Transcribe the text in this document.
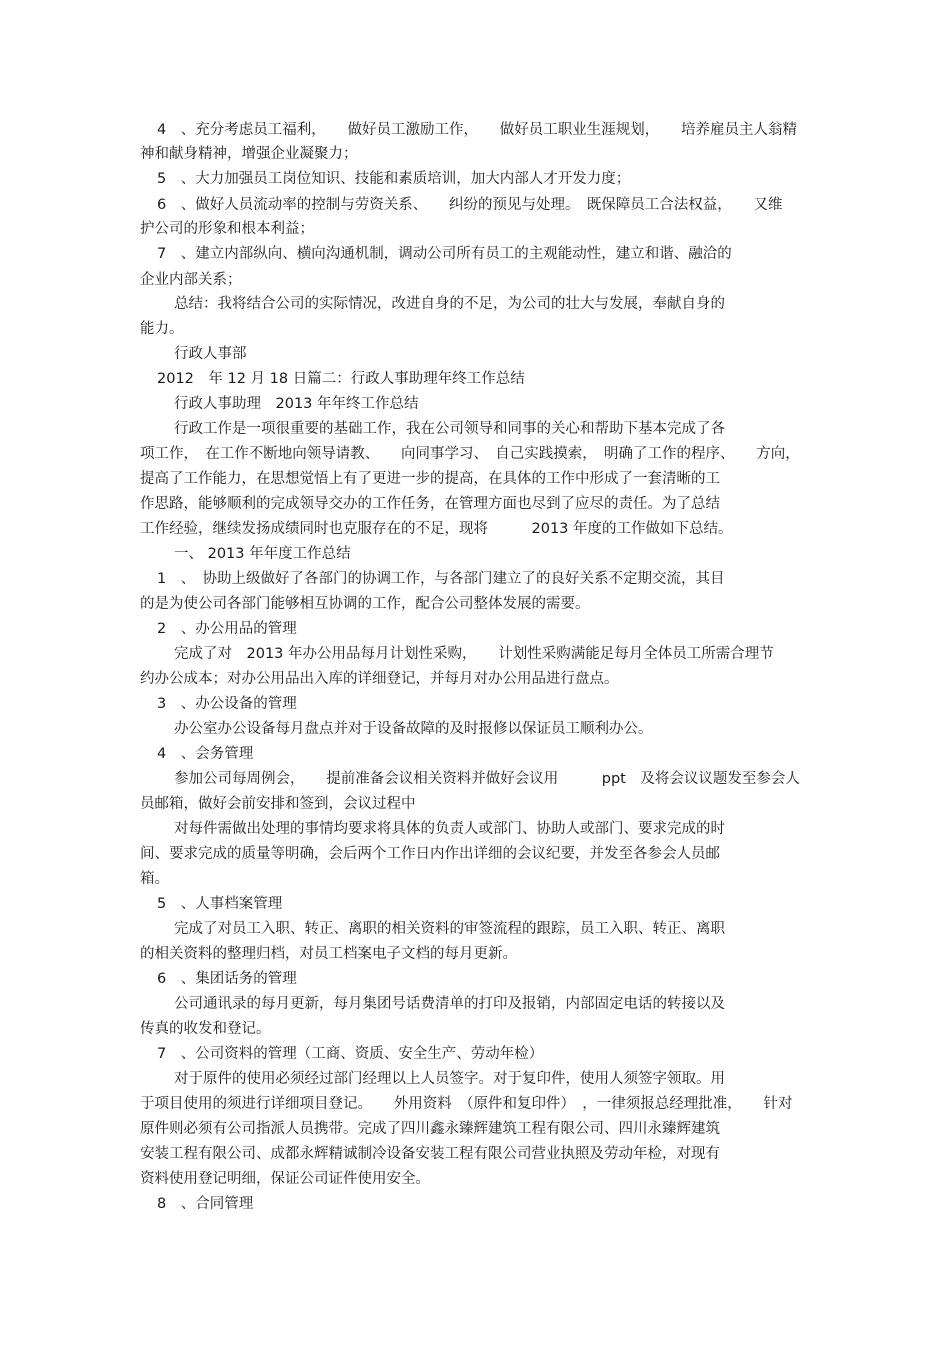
4　、充分考虑员工福利，　　做好员工激励工作，　　做好员工职业生涯规划，　　培养雇员主人翁精
神和献身精神，增强企业凝聚力；
5　、大力加强员工岗位知识、技能和素质培训，加大内部人才开发力度；
6　、做好人员流动率的控制与劳资关系、　　纠纷的预见与处理。　既保障员工合法权益，　　又维
护公司的形象和根本利益；
7　、建立内部纵向、横向沟通机制，调动公司所有员工的主观能动性，建立和谐、融洽的
企业内部关系；
总结：我将结合公司的实际情况，改进自身的不足，为公司的壮大与发展，奉献自身的
能力。
行政人事部
2012　年 12 月 18 日篇二：行政人事助理年终工作总结
行政人事助理　2013 年年终工作总结
行政工作是一项很重要的基础工作，我在公司领导和同事的关心和帮助下基本完成了各
项工作，　在工作不断地向领导请教、　　向同事学习、　自己实践摸索，　明确了工作的程序、　　方向，
提高了工作能力，在思想觉悟上有了更进一步的提高，在具体的工作中形成了一套清晰的工
作思路，能够顺利的完成领导交办的工作任务，在管理方面也尽到了应尽的责任。为了总结
工作经验，继续发扬成绩同时也克服存在的不足，现将　　　2013 年度的工作做如下总结。
一、 2013 年年度工作总结
1　、　协助上级做好了各部门的协调工作，与各部门建立了的良好关系不定期交流，其目
的是为使公司各部门能够相互协调的工作，配合公司整体发展的需要。
2　、办公用品的管理
完成了对　2013 年办公用品每月计划性采购，　　计划性采购满能足每月全体员工所需合理节
约办公成本；对办公用品出入库的详细登记，并每月对办公用品进行盘点。
3　、办公设备的管理
办公室办公设备每月盘点并对于设备故障的及时报修以保证员工顺利办公。
4　、会务管理
参加公司每周例会，　　提前准备会议相关资料并做好会议用　　　ppt　及将会议议题发至参会人
员邮箱，做好会前安排和签到，会议过程中
对每件需做出处理的事情均要求将具体的负责人或部门、协助人或部门、要求完成的时
间、要求完成的质量等明确，会后两个工作日内作出详细的会议纪要，并发至各参会人员邮
箱。
5　、人事档案管理
完成了对员工入职、转正、离职的相关资料的审签流程的跟踪，员工入职、转正、离职
的相关资料的整理归档，对员工档案电子文档的每月更新。
6　、集团话务的管理
公司通讯录的每月更新，每月集团号话费清单的打印及报销，内部固定电话的转接以及
传真的收发和登记。
7　、公司资料的管理（工商、资质、安全生产、劳动年检）
对于原件的使用必须经过部门经理以上人员签字。对于复印件，使用人须签字领取。用
于项目使用的须进行详细项目登记。　　外用资料　（原件和复印件）　，一律须报总经理批准，　　针对
原件则必须有公司指派人员携带。完成了四川鑫永臻辉建筑工程有限公司、四川永臻辉建筑
安装工程有限公司、成都永辉精诚制冷设备安装工程有限公司营业执照及劳动年检，对现有
资料使用登记明细，保证公司证件使用安全。
8　、合同管理
